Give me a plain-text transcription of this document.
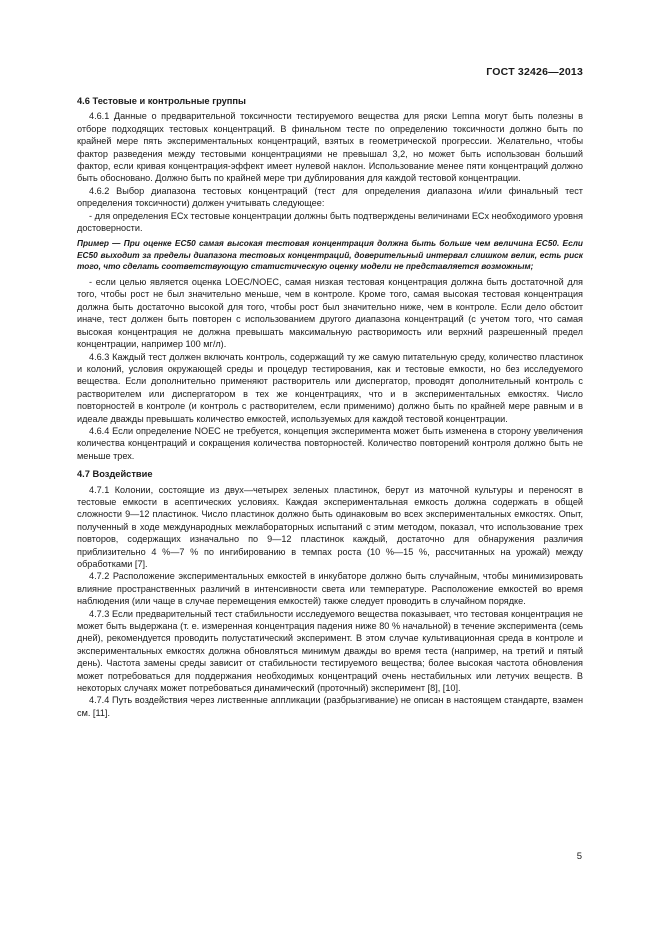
ГОСТ 32426—2013
4.6 Тестовые и контрольные группы

4.6.1 Данные о предварительной токсичности тестируемого вещества для ряски Lemna могут быть полезны в отборе подходящих тестовых концентраций. В финальном тесте по определению токсичности должно быть по крайней мере пять экспериментальных концентраций, взятых в геометрической прогрессии. Желательно, чтобы фактор разведения между тестовыми концентрациями не превышал 3,2, но может быть использован больший фактор, если кривая концентрация-эффект имеет нулевой наклон. Использование менее пяти концентраций должно быть обосновано. Должно быть по крайней мере три дублирования для каждой тестовой концентрации.

4.6.2 Выбор диапазона тестовых концентраций (тест для определения диапазона и/или финальный тест определения токсичности) должен учитывать следующее:

- для определения ECx тестовые концентрации должны быть подтверждены величинами ECx необходимого уровня достоверности.

Пример — При оценке EC50 самая высокая тестовая концентрация должна быть больше чем величина EC50. Если EC50 выходит за пределы диапазона тестовых концентраций, доверительный интервал слишком велик, есть риск того, что сделать соответствующую статистическую оценку модели не представляется возможным;

- если целью является оценка LOEC/NOEC, самая низкая тестовая концентрация должна быть достаточной для того, чтобы рост не был значительно меньше, чем в контроле. Кроме того, самая высокая тестовая концентрация должна быть достаточно высокой для того, чтобы рост был значительно ниже, чем в контроле. Если дело обстоит иначе, тест должен быть повторен с использованием другого диапазона концентраций (с учетом того, что самая высокая концентрация не должна превышать максимальную растворимость или верхний разрешенный предел концентрации, например 100 мг/л).

4.6.3 Каждый тест должен включать контроль, содержащий ту же самую питательную среду, количество пластинок и колоний, условия окружающей среды и процедур тестирования, как и тестовые емкости, но без исследуемого вещества. Если дополнительно применяют растворитель или диспергатор, проводят дополнительный контроль с растворителем или диспергатором в тех же концентрациях, что и в экспериментальных емкостях. Число повторностей в контроле (и контроль с растворителем, если применимо) должно быть по крайней мере равным и в идеале дважды превышать количество емкостей, используемых для каждой тестовой концентрации.

4.6.4 Если определение NOEC не требуется, концепция эксперимента может быть изменена в сторону увеличения количества концентраций и сокращения количества повторностей. Количество повторений контроля должно быть не меньше трех.

4.7 Воздействие

4.7.1 Колонии, состоящие из двух—четырех зеленых пластинок, берут из маточной культуры и переносят в тестовые емкости в асептических условиях. Каждая экспериментальная емкость должна содержать в общей сложности 9—12 пластинок. Число пластинок должно быть одинаковым во всех экспериментальных емкостях. Опыт, полученный в ходе международных межлабораторных испытаний с этим методом, показал, что использование трех повторов, содержащих изначально по 9—12 пластинок каждый, достаточно для обнаружения различия приблизительно 4 %—7 % по ингибированию в темпах роста (10 %—15 %, рассчитанных на урожай) между обработками [7].

4.7.2 Расположение экспериментальных емкостей в инкубаторе должно быть случайным, чтобы минимизировать влияние пространственных различий в интенсивности света или температуре. Расположение емкостей во время наблюдения (или чаще в случае перемещения емкостей) также следует проводить в случайном порядке.

4.7.3 Если предварительный тест стабильности исследуемого вещества показывает, что тестовая концентрация не может быть выдержана (т. е. измеренная концентрация падения ниже 80 % начальной) в течение эксперимента (семь дней), рекомендуется проводить полустатический эксперимент. В этом случае культивационная среда в контроле и экспериментальных емкостях должна обновляться минимум дважды во время теста (например, на третий и пятый день). Частота замены среды зависит от стабильности тестируемого вещества; более высокая частота обновления может потребоваться для поддержания необходимых концентраций очень нестабильных или летучих веществ. В некоторых случаях может потребоваться динамический (проточный) эксперимент [8], [10].

4.7.4 Путь воздействия через лиственные аппликации (разбрызгивание) не описан в настоящем стандарте, взамен см. [11].

5
